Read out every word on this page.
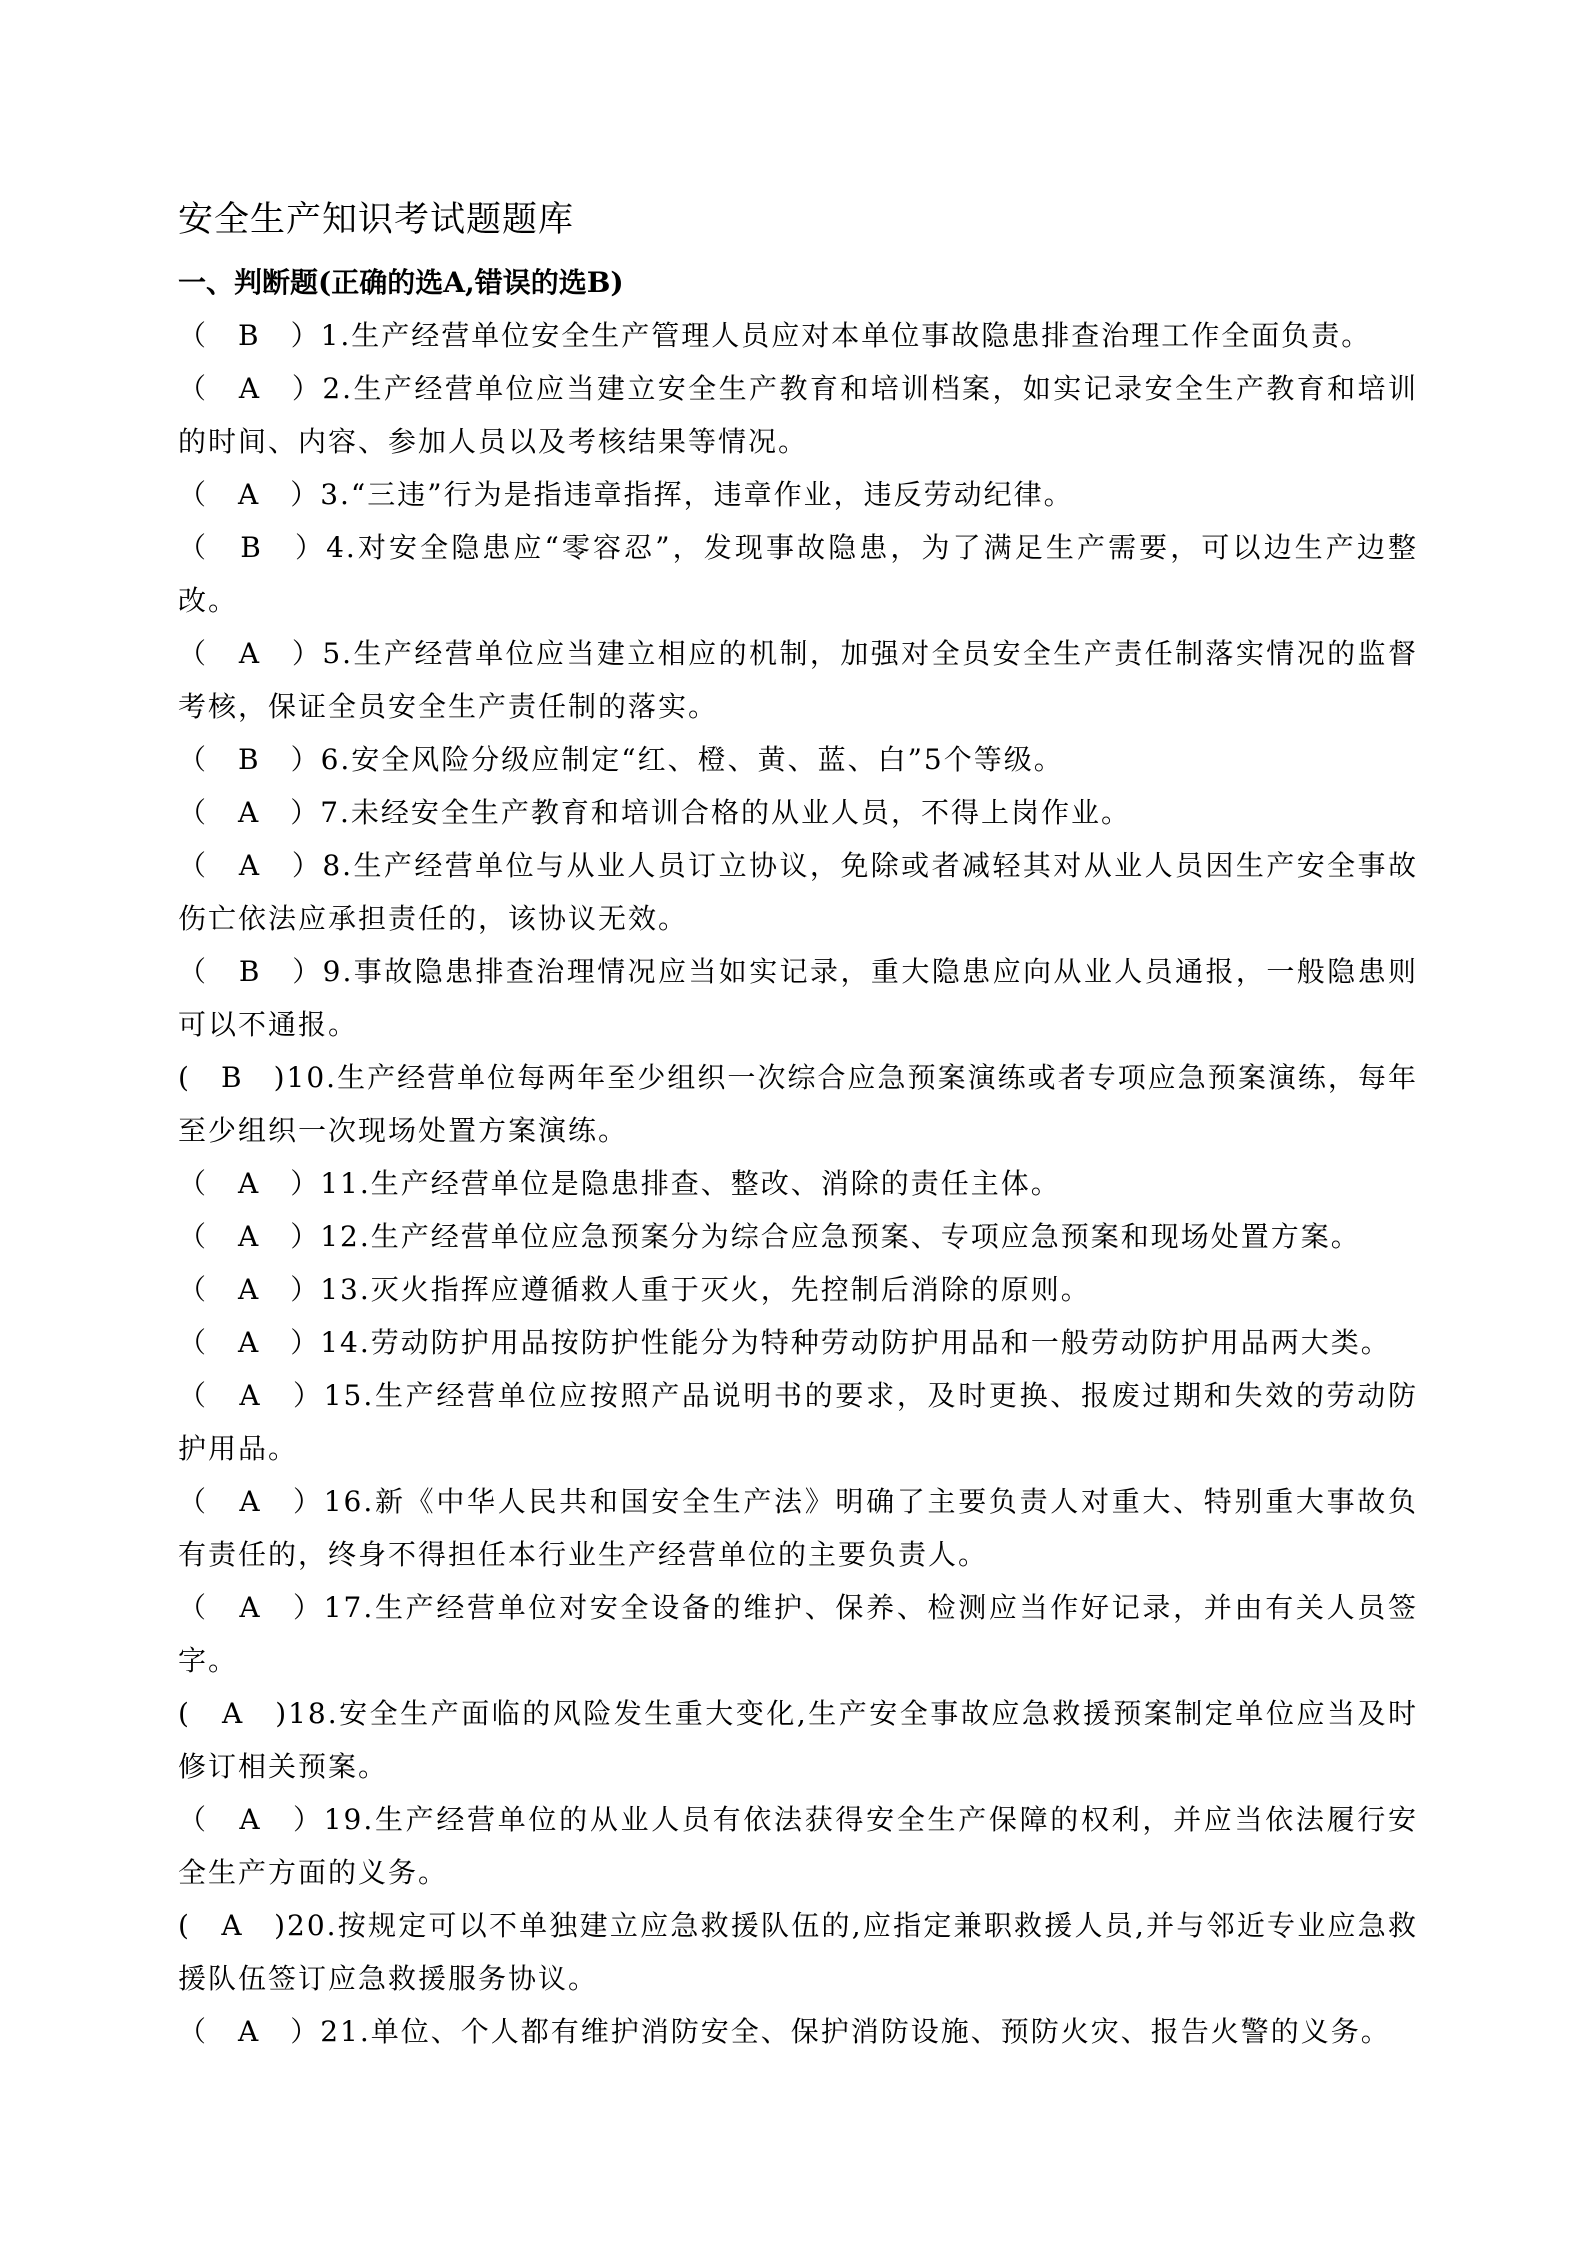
安全生产知识考试题题库
一、判断题(正确的选A,错误的选B)
（　B　）1.生产经营单位安全生产管理人员应对本单位事故隐患排查治理工作全面负责。
（　A　）2.生产经营单位应当建立安全生产教育和培训档案，如实记录安全生产教育和培训的时间、内容、参加人员以及考核结果等情况。
（　A　）3.“三违”行为是指违章指挥，违章作业，违反劳动纪律。
（　B　）4.对安全隐患应“零容忍”，发现事故隐患，为了满足生产需要，可以边生产边整改。
（　A　）5.生产经营单位应当建立相应的机制，加强对全员安全生产责任制落实情况的监督考核，保证全员安全生产责任制的落实。
（　B　）6.安全风险分级应制定“红、橙、黄、蓝、白”5个等级。
（　A　）7.未经安全生产教育和培训合格的从业人员，不得上岗作业。
（　A　）8.生产经营单位与从业人员订立协议，免除或者减轻其对从业人员因生产安全事故伤亡依法应承担责任的，该协议无效。
（　B　）9.事故隐患排查治理情况应当如实记录，重大隐患应向从业人员通报，一般隐患则可以不通报。
(　B　)10.生产经营单位每两年至少组织一次综合应急预案演练或者专项应急预案演练，每年至少组织一次现场处置方案演练。
（　A　）11.生产经营单位是隐患排查、整改、消除的责任主体。
（　A　）12.生产经营单位应急预案分为综合应急预案、专项应急预案和现场处置方案。
（　A　）13.灭火指挥应遵循救人重于灭火，先控制后消除的原则。
（　A　）14.劳动防护用品按防护性能分为特种劳动防护用品和一般劳动防护用品两大类。
（　A　）15.生产经营单位应按照产品说明书的要求，及时更换、报废过期和失效的劳动防护用品。
（　A　）16.新《中华人民共和国安全生产法》明确了主要负责人对重大、特别重大事故负有责任的，终身不得担任本行业生产经营单位的主要负责人。
（　A　）17.生产经营单位对安全设备的维护、保养、检测应当作好记录，并由有关人员签字。
(　A　)18.安全生产面临的风险发生重大变化,生产安全事故应急救援预案制定单位应当及时修订相关预案。
（　A　）19.生产经营单位的从业人员有依法获得安全生产保障的权利，并应当依法履行安全生产方面的义务。
(　A　)20.按规定可以不单独建立应急救援队伍的,应指定兼职救援人员,并与邻近专业应急救援队伍签订应急救援服务协议。
（　A　）21.单位、个人都有维护消防安全、保护消防设施、预防火灾、报告火警的义务。
